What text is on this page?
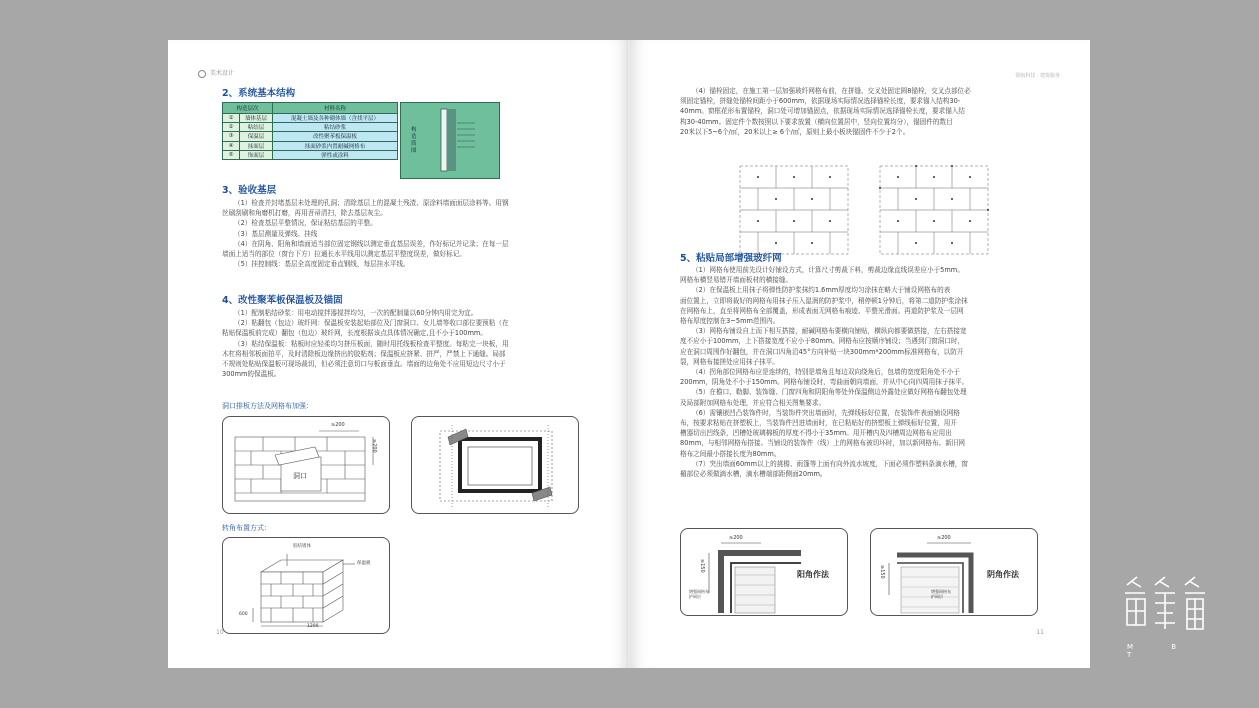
美术设计
2、系统基本结构
构造层次		材料名称
①	墙体基层	混凝土墙及各种砌体墙（含找平层）
②	粘结层	粘结砂浆
③	保温层	改性聚苯板保温板
④	抹面层	抹面砂浆内置耐碱网格布
⑤	饰面层	弹性或涂料
构造简图
3、验收基层
（1）检查并封堵基层未处理的孔洞；清除基层上的混凝土残渣、原涂料墙面面层涂料等。用钢
丝刷刮刷和角磨机打磨，再用苕帚清扫，除去基层灰尘。
（2）检查基层平整情况，保证粘结基层的平整。
（3）基层测量及弹线、挂线
（4）在阴角、阳角和墙面适当部位固定钢线以测定垂直基层误差，作好标记并记录；在每一层
墙面上适当的部位（窗台下方）拉通长水平线用以测定基层平整度误差，做好标记。
（5）挂控制线：基层全高度固定垂直钢线，每层挂水平线。
4、改性聚苯板保温板及锚固
（1）配制粘结砂浆：用电动搅拌器搅拌均匀，一次的配制量以60分钟内用完为宜。
（2）粘翻包（包边）玻纤网：保温板安装起始部位及门窗洞口、女儿墙等收口部位要预粘（在
粘贴保温板前完成）翻包（包边）玻纤网，长度根据该点具体情况确定,且不小于100mm。
（3）粘结保温板：粘板时应轻柔均匀挤压板面，随时用托线板检查平整度。每粘完一块板，用
木杠将相邻板面拍平，及时清除板边缘挤出的胶粘剂；保温板应挤紧、拼严，严禁上下通缝。局部
不规则处粘贴保温板可现场裁切，但必须注意切口与板面垂直。墙面的边角处不应用短边尺寸小于
300mm的保温板。
洞口排板方法及网格布加强：
洞口
≥200
≥200
转角布置方式：
胶结墙体
保温板
600
1200
10
领航科技 · 建筑服务
（4）锚栓固定，在施工第一层加强玻纤网格布前，在拼缝、交叉处固定圆8锚栓，交叉点部位必
须固定锚栓，拼缝处锚栓间距小于600mm，依据现场实际情况选择锚栓长度，要求锚入结构30-
40mm。窗框花形布置锚栓，洞口处可增加锚固点，依据现场实际情况选择锚栓长度，要求锚入结
构30-40mm。固定件个数按照以下要求放置（横向位置居中，竖向位置均分），锚固件的数目
20米以下5~6个/㎡，20米以上≥ 6个/㎡，原则上最小板块锚固件不少于2个。
5、粘贴局部增强玻纤网
（1）网格布使用前先设计好铺设方式，计算尺寸剪裁下料，剪裁边缘直线误差应小于5mm。
网格布横竖易错开墙面板材的横接缝。
（2）在保温板上用抹子将弹性防护浆抹约1.6mm厚度均匀涂抹在略大于铺设网格布的表
面位置上，立即将裁好的网格布用抹子压入湿润的防护浆中，稍停顿1分钟后，将第二道防护浆涂抹
在网格布上，直至将网格布全部覆盖，形成表面无网格布痕迹、平整光滑面。再道防护浆及一层网
格布厚度控制在3~5mm范围内。
（3）网格布铺设自上而下相互搭接，耐碱网格布要横向铺贴，横纵向都要做搭接，左右搭接宽
度不应小于100mm，上下搭接宽度不应小于80mm。网格布应按顺序铺设；当遇到门窗洞口时，
应在洞口周围作好翻包，并在洞口四角沿45°方向补贴一块300mm*200mm标准网格布，以防开
裂，网格布接搓处应用抹子抹平。
（4）拐角部位网格布应是连续的，特别是墙角且每边双向绕角后，包墙的宽度阳角处不小于
200mm，阴角处不小于150mm。网格布铺设时，弯曲面朝向墙面，并从中心向四周用抹子抹平。
（5）在檐口、勒脚、装饰缝、门窗四角和阴阳角等处外保温侧边外露处应做好网格布翻包处理
及局部附加网格布处理，并应符合相关图集要求。
（6）需镶嵌凹凸装饰件时，当装饰件突出墙面时，先弹线标好位置，在装饰件表面铺设网格
布，按要求粘贴在挤塑板上，当装饰件凹进墙面时，在已粘贴好的挤塑板上弹线标好位置，用开
槽器切出凹线条，凹槽处玻璃棉板的厚度不得小于35mm。用开槽内及四槽周边网格布应用出
80mm，与相邻网格布搭接。当铺设的装饰件（线）上的网格布被切坏时，加以新网格布。新旧网
格布之间最小搭接长度为80mm。
（7）突出墙面60mm以上的挑檐、雨篷等上面有向外流水坡度，下面必须作塑料条滴水槽，窗
楣部位必须做滴水槽，滴水槽端部距侧面20mm。
≥200
≥150
增强网格布
护网层
阳角作法
≥200
≥150
增强网格布
护网层
阴角作法
11
M B T
